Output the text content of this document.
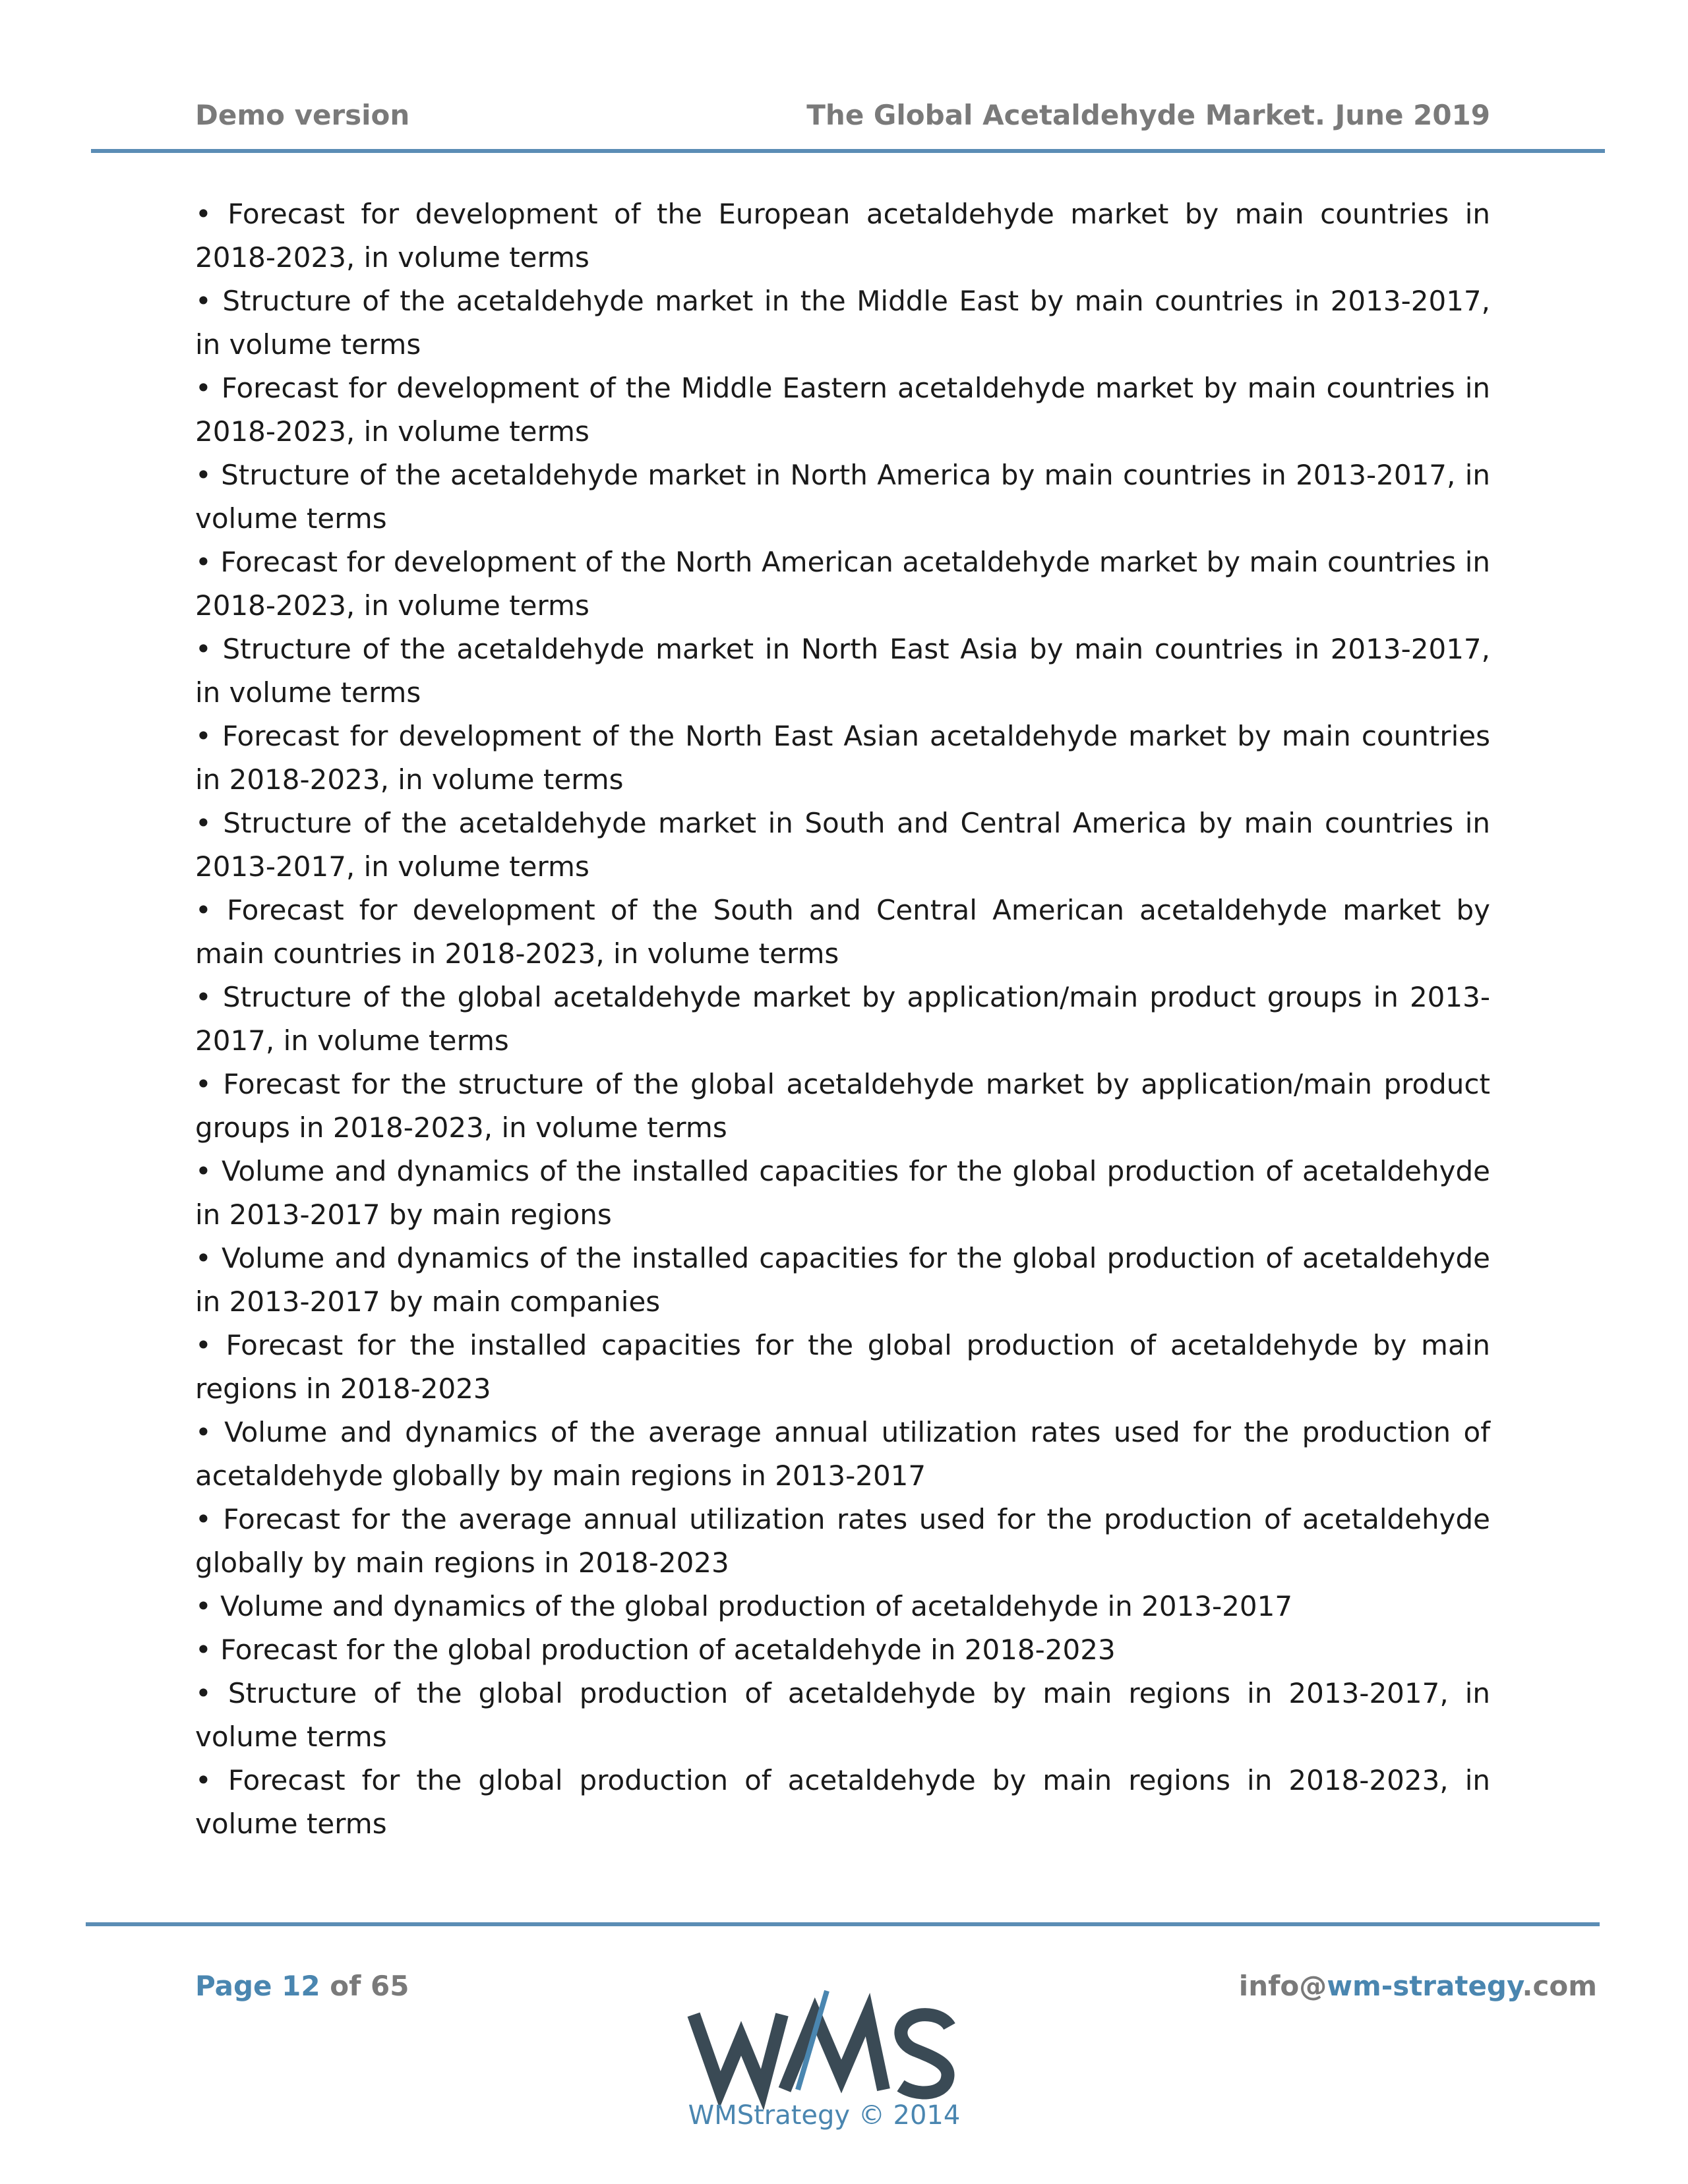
Demo version	The Global Acetaldehyde Market. June 2019
• Forecast for development of the European acetaldehyde market by main countries in 2018-2023, in volume terms
• Structure of the acetaldehyde market in the Middle East by main countries in 2013-2017, in volume terms
• Forecast for development of the Middle Eastern acetaldehyde market by main countries in 2018-2023, in volume terms
• Structure of the acetaldehyde market in North America by main countries in 2013-2017, in volume terms
• Forecast for development of the North American acetaldehyde market by main countries in 2018-2023, in volume terms
• Structure of the acetaldehyde market in North East Asia by main countries in 2013-2017, in volume terms
• Forecast for development of the North East Asian acetaldehyde market by main countries in 2018-2023, in volume terms
• Structure of the acetaldehyde market in South and Central America by main countries in 2013-2017, in volume terms
• Forecast for development of the South and Central American acetaldehyde market by main countries in 2018-2023, in volume terms
• Structure of the global acetaldehyde market by application/main product groups in 2013-2017, in volume terms
• Forecast for the structure of the global acetaldehyde market by application/main product groups in 2018-2023, in volume terms
• Volume and dynamics of the installed capacities for the global production of acetaldehyde in 2013-2017 by main regions
• Volume and dynamics of the installed capacities for the global production of acetaldehyde in 2013-2017 by main companies
• Forecast for the installed capacities for the global production of acetaldehyde by main regions in 2018-2023
• Volume and dynamics of the average annual utilization rates used for the production of acetaldehyde globally by main regions in 2013-2017
• Forecast for the average annual utilization rates used for the production of acetaldehyde globally by main regions in 2018-2023
• Volume and dynamics of the global production of acetaldehyde in 2013-2017
• Forecast for the global production of acetaldehyde in 2018-2023
• Structure of the global production of acetaldehyde by main regions in 2013-2017, in volume terms
• Forecast for the global production of acetaldehyde by main regions in 2018-2023, in volume terms
Page 12 of 65	info@wm-strategy.com
WMStrategy © 2014
